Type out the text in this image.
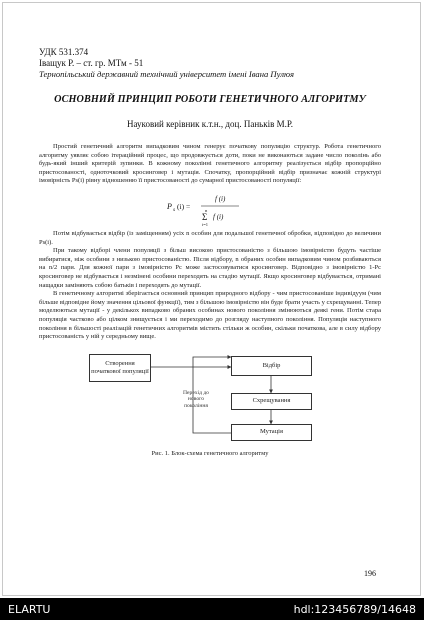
УДК 531.374
Іващук Р. – ст. гр. МТм - 51
Тернопільський державний технічний університет імені Івана Пулюя
ОСНОВНИЙ ПРИНЦИП РОБОТИ ГЕНЕТИЧНОГО АЛГОРИТМУ
Науковий керівник к.т.н., доц. Паньків М.Р.

Простий генетичний алгоритм випадковим чином генерує початкову популяцію структур. Робота генетичного алгоритму уявляє собою ітераційний процес, що продовжується доти, поки не виконаються задане число поколінь або будь-який інший критерій зупинки. В кожному поколінні генетичного алгоритму реалізується відбір пропорційно пристосованості, одноточковий кросинговер і мутація. Спочатку, пропорційний відбір призначає кожній структурі імовірність Ps(i) рівну відношенню її пристосованості до сумарної пристосованості популяції:

P s (i) =
f (i)
n
Σ
i=1
f (i)

Потім відбувається відбір (із заміщенням) усіх n особин для подальшої генетичної обробки, відповідно до величини Ps(i).

При такому відборі члени популяції з більш високою пристосованістю з більшою імовірністю будуть частіше вибиратися, ніж особини з низькою пристосованістю. Після відбору, n обраних особин випадковим чином розбиваються на n/2 пари. Для кожної пари з імовірністю Pc може застосовуватися кросинговер. Відповідно з імовірністю 1-Pc кросинговер не відбувається і незмінені особини переходять на стадію мутації. Якщо кросинговер відбувається, отримані нащадки заміняють собою батьків і переходять до мутації.

В генетичному алгоритмі зберігається основний принцип природного відбору - чим пристосованіше індивідуум (чим більше відповідне йому значення цільової функції), тим з більшою імовірністю він буде брати участь у схрещуванні. Тепер моделюються мутації - у декількох випадково обраних особинах нового покоління змінюються деякі гени. Потім стара популяція частково або цілком знищується і ми переходимо до розгляду наступного покоління. Популяція наступного покоління в більшості реалізацій генетичних алгоритмів містить стільки ж особин, скільки початкова, але в силу відбору пристосованість у ній у середньому вище.

Створення початкової популяції
Відбір
Схрещування
Мутація
Перехід до нового покоління
Рис. 1. Блок-схема генетичного алгоритму
196
ELARTU	hdl:123456789/14648
